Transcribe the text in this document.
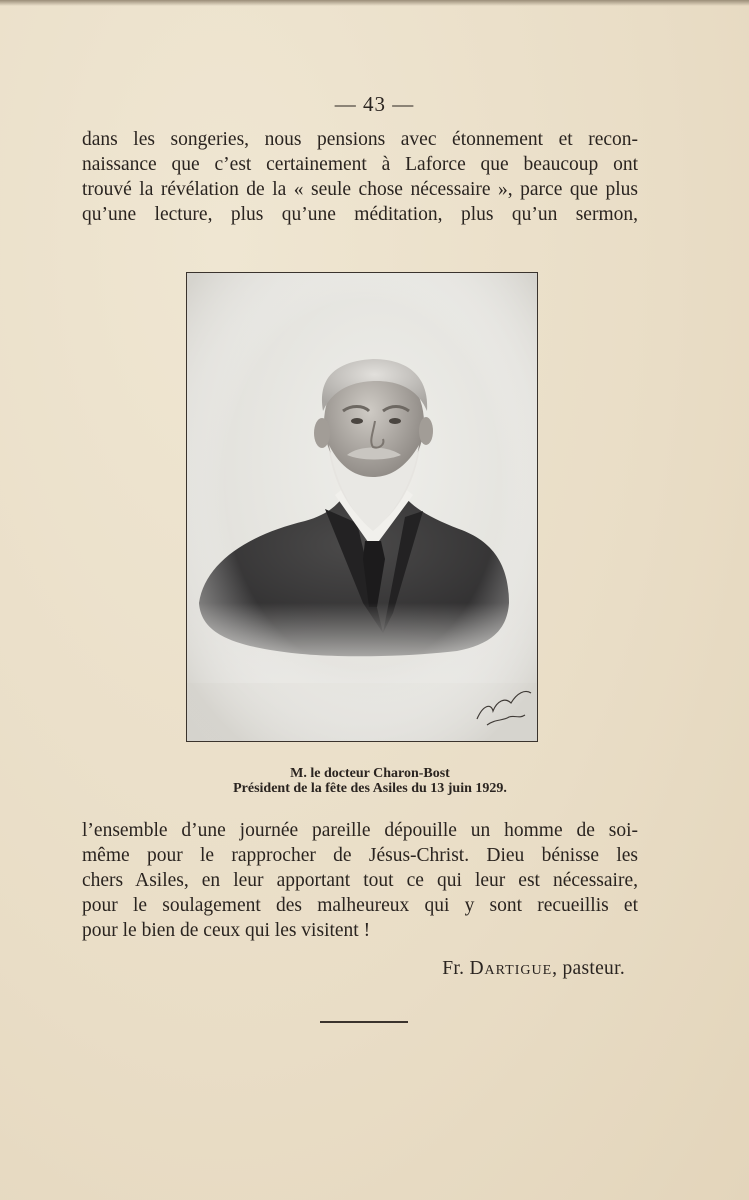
— 43 —
dans les songeries, nous pensions avec étonnement et recon-
naissance que c’est certainement à Laforce que beaucoup ont
trouvé la révélation de la « seule chose nécessaire », parce que plus
qu’une lecture, plus qu’une méditation, plus qu’un sermon,
M. le docteur Charon-Bost
Président de la fête des Asiles du 13 juin 1929.
l’ensemble d’une journée pareille dépouille un homme de soi-
même pour le rapprocher de Jésus-Christ. Dieu bénisse les
chers Asiles, en leur apportant tout ce qui leur est nécessaire,
pour le soulagement des malheureux qui y sont recueillis et
pour le bien de ceux qui les visitent !
Fr. Dartigue, pasteur.
